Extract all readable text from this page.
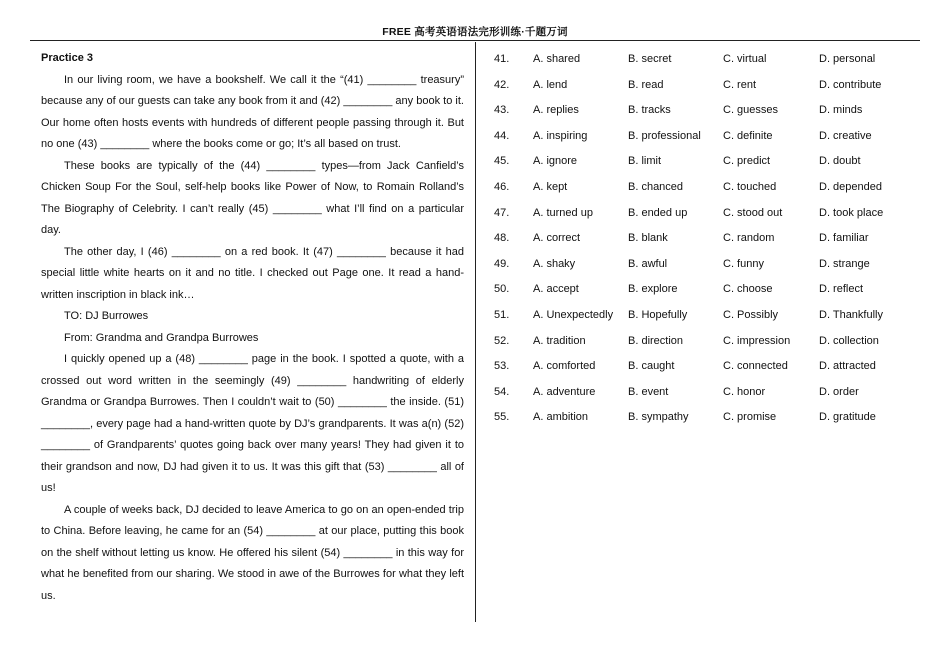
FREE 高考英语语法完形训练·千题万词

Practice 3

In our living room, we have a bookshelf. We call it the “(41) ________ treasury” because any of our guests can take any book from it and (42) ________ any book to it. Our home often hosts events with hundreds of different people passing through it. But no one (43) ________ where the books come or go; It’s all based on trust.

These books are typically of the (44) ________ types—from Jack Canfield’s Chicken Soup For the Soul, self-help books like Power of Now, to Romain Rolland’s The Biography of Celebrity. I can’t really (45) ________ what I’ll find on a particular day.

The other day, I (46) ________ on a red book. It (47) ________ because it had special little white hearts on it and no title. I checked out Page one. It read a hand-written inscription in black ink…

TO: DJ Burrowes

From: Grandma and Grandpa Burrowes

I quickly opened up a (48) ________ page in the book. I spotted a quote, with a crossed out word written in the seemingly (49) ________ handwriting of elderly Grandma or Grandpa Burrowes. Then I couldn’t wait to (50) ________ the inside. (51) ________, every page had a hand-written quote by DJ’s grandparents. It was a(n) (52) ________ of Grandparents’ quotes going back over many years! They had given it to their grandson and now, DJ had given it to us. It was this gift that (53) ________ all of us!

A couple of weeks back, DJ decided to leave America to go on an open-ended trip to China. Before leaving, he came for an (54) ________ at our place, putting this book on the shelf without letting us know. He offered his silent (54) ________ in this way for what he benefited from our sharing. We stood in awe of the Burrowes for what they left us.

41. A. shared	B. secret	C. virtual	D. personal
42. A. lend	B. read	C. rent	D. contribute
43. A. replies	B. tracks	C. guesses	D. minds
44. A. inspiring	B. professional C. definite	D. creative
45. A. ignore	B. limit	C. predict	D. doubt
46. A. kept	B. chanced	C. touched	D. depended
47. A. turned up	B. ended up	C. stood out	D. took place
48. A. correct	B. blank	C. random	D. familiar
49. A. shaky	B. awful	C. funny	D. strange
50. A. accept	B. explore	C. choose	D. reflect
51. A. Unexpectedly B. Hopefully	C. Possibly	D. Thankfully
52. A. tradition	B. direction	C. impression	D. collection
53. A. comforted	B. caught	C. connected	D. attracted
54. A. adventure	B. event	C. honor	D. order
55. A. ambition	B. sympathy	C. promise	D. gratitude
